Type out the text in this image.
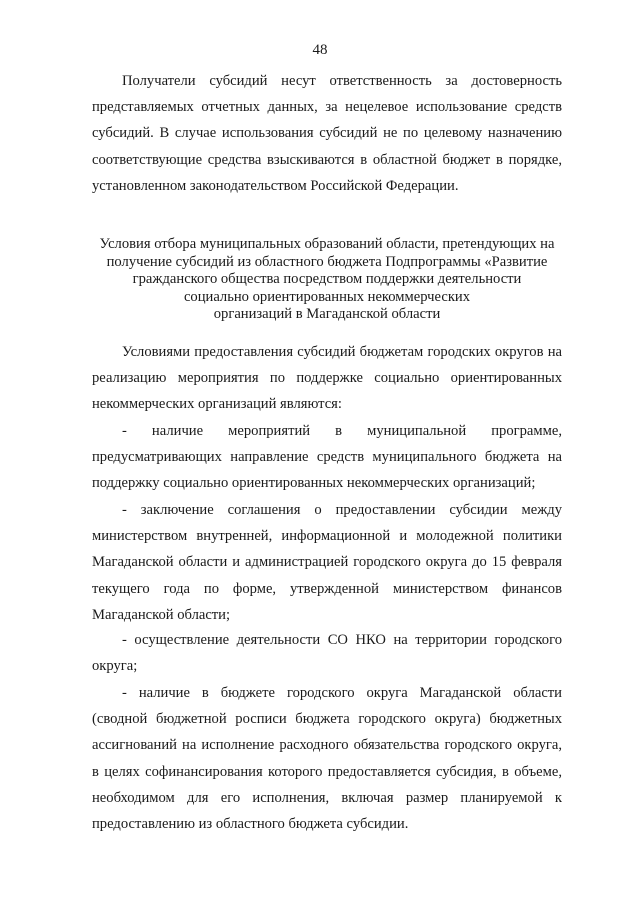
48

Получатели субсидий несут ответственность за достоверность

представляемых отчетных данных, за нецелевое использование средств

субсидий. В случае использования субсидий не по целевому назначению

соответствующие средства взыскиваются в областной бюджет в порядке,

установленном законодательством Российской Федерации.

Условия отбора муниципальных образований области, претендующих на

получение субсидий из областного бюджета Подпрограммы «Развитие

гражданского общества посредством поддержки деятельности

социально ориентированных некоммерческих

организаций в Магаданской области

Условиями предоставления субсидий бюджетам городских округов на

реализацию мероприятия по поддержке социально ориентированных

некоммерческих организаций являются:

- наличие мероприятий в муниципальной программе,

предусматривающих направление средств муниципального бюджета на

поддержку социально ориентированных некоммерческих организаций;

- заключение соглашения о предоставлении субсидии между

министерством внутренней, информационной и молодежной политики

Магаданской области и администрацией городского округа до 15 февраля

текущего года по форме, утвержденной министерством финансов

Магаданской области;

- осуществление деятельности СО НКО на территории городского

округа;

- наличие в бюджете городского округа Магаданской области

(сводной бюджетной росписи бюджета городского округа) бюджетных

ассигнований на исполнение расходного обязательства городского округа,

в целях софинансирования которого предоставляется субсидия, в объеме,

необходимом для его исполнения, включая размер планируемой к

предоставлению из областного бюджета субсидии.
